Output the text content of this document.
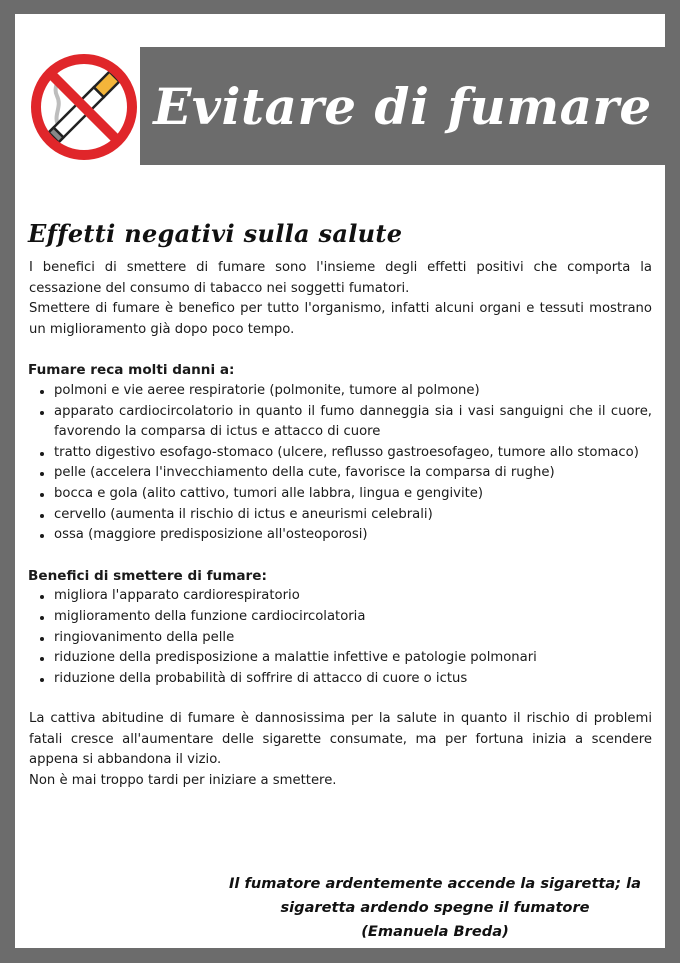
Evitare di fumare
Effetti negativi sulla salute

I benefici di smettere di fumare sono l'insieme degli effetti positivi che comporta la cessazione del consumo di tabacco nei soggetti fumatori.

Smettere di fumare è benefico per tutto l'organismo, infatti alcuni organi e tessuti mostrano un miglioramento già dopo poco tempo.

Fumare reca molti danni a:

polmoni e vie aeree respiratorie (polmonite, tumore al polmone)
apparato cardiocircolatorio in quanto il fumo danneggia sia i vasi sanguigni che il cuore, favorendo la comparsa di ictus e attacco di cuore
tratto digestivo esofago-stomaco (ulcere, reflusso gastroesofageo, tumore allo stomaco)
pelle (accelera l'invecchiamento della cute, favorisce la comparsa di rughe)
bocca e gola (alito cattivo, tumori alle labbra, lingua e gengivite)
cervello (aumenta il rischio di ictus e aneurismi celebrali)
ossa (maggiore predisposizione all'osteoporosi)

Benefici di smettere di fumare:

migliora l'apparato cardiorespiratorio
miglioramento della funzione cardiocircolatoria
ringiovanimento della pelle
riduzione della predisposizione a malattie infettive e patologie polmonari
riduzione della probabilità di soffrire di attacco di cuore o ictus

La cattiva abitudine di fumare è dannosissima per la salute in quanto il rischio di problemi fatali cresce all'aumentare delle sigarette consumate, ma per fortuna inizia a scendere appena si abbandona il vizio.

Non è mai troppo tardi per iniziare a smettere.

Il fumatore ardentemente accende la sigaretta; la sigaretta ardendo spegne il fumatore
(Emanuela Breda)
